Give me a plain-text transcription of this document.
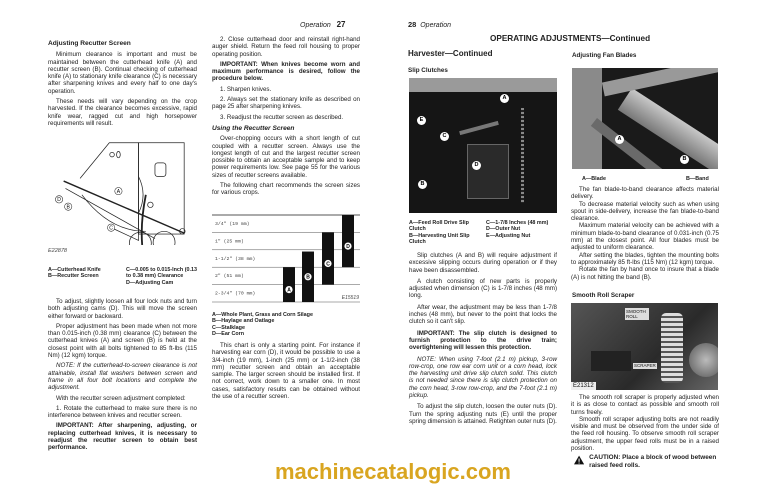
Operation 27
Adjusting Recutter Screen

Minimum clearance is important and must be maintained between the cutterhead knife (A) and recutter screen (B). Continual checking of cutterhead knife (A) to stationary knife clearance (C) is necessary after sharpening knives and every half to one day's operation.

These needs will vary depending on the crop harvested. If the clearance becomes excessive, rapid knife wear, ragged cut and high horsepower requirements will result.

A
B
D
C
E22878
A—Cutterhead Knife
B—Recutter Screen
C—0.005 to 0.015-Inch (0.13 to 0.38 mm) Clearance
D—Adjusting Cam

To adjust, slightly loosen all four lock nuts and turn both adjusting cams (D). This will move the screen either forward or backward.

Proper adjustment has been made when not more than 0.015-inch (0.38 mm) clearance (C) between the cutterhead knives (A) and screen (B) is held at the closest point with all bolts tightened to 85 ft-lbs (115 Nm) (12 kgm) torque.

NOTE: If the cutterhead-to-screen clearance is not attainable, install flat washers between screen and frame in all four bolt locations and complete the adjustment.

With the recutter screen adjustment completed:

1. Rotate the cutterhead to make sure there is no interference between knives and recutter screen.

IMPORTANT: After sharpening, adjusting, or replacing cutterhead knives, it is necessary to readjust the recutter screen to obtain best performance.

2. Close cutterhead door and reinstall right-hand auger shield. Return the feed roll housing to proper operating position.

IMPORTANT: When knives become worn and maximum performance is desired, follow the procedure below.

1. Sharpen knives.

2. Always set the stationary knife as described on page 25 after sharpening knives.

3. Readjust the recutter screen as described.

Using the Recutter Screen

Over-chopping occurs with a short length of cut coupled with a recutter screen. Always use the longest length of cut and the largest recutter screen possible to obtain an acceptable sample and to keep power requirements low. See page 55 for the various sizes of recutter screens available.

The following chart recommends the screen sizes for various crops.

3/4" (19 mm)
1" (25 mm)
1-1/2" (38 mm)
2" (51 mm)
2-3/4" (70 mm)
A
B
C
D
E15519
A—Whole Plant, Grass and Corn Silage
B—Haylage and Oatlage
C—Stalklage
D—Ear Corn

This chart is only a starting point. For instance if harvesting ear corn (D), it would be possible to use a 3/4-inch (19 mm), 1-inch (25 mm) or 1-1/2-inch (38 mm) recutter screen and obtain an acceptable sample. The larger screen should be installed first. If not correct, work down to a smaller one. In most cases, satisfactory results can be obtained without the use of a recutter screen.

28 Operation
OPERATING ADJUSTMENTS—Continued
Harvester—Continued
Slip Clutches
A
B
C
D
E
A—Feed Roll Drive Slip Clutch
B—Harvesting Unit Slip Clutch
C—1-7/8 Inches (48 mm)
D—Outer Nut
E—Adjusting Nut

Slip clutches (A and B) will require adjustment if excessive slipping occurs during operation or if they have been disassembled.

A clutch consisting of new parts is properly adjusted when dimension (C) is 1-7/8 inches (48 mm) long.

After wear, the adjustment may be less than 1-7/8 inches (48 mm), but never to the point that locks the clutch so it can't slip.

IMPORTANT: The slip clutch is designed to furnish protection to the drive train; overtightening will lessen this protection.

NOTE: When using 7-foot (2.1 m) pickup, 3-row row-crop, one row ear corn unit or a corn head, lock the harvesting unit drive slip clutch solid. This clutch is not needed since there is slip clutch protection on the corn head, 3-row row-crop, and the 7-foot (2.1 m) pickup.

To adjust the slip clutch, loosen the outer nuts (D). Turn the spring adjusting nuts (E) until the proper spring dimension is attained. Retighten outer nuts (D).

Adjusting Fan Blades
A
B
A—Blade	B—Band

The fan blade-to-band clearance affects material delivery.

To decrease material velocity such as when using spout in side-delivery, increase the fan blade-to-band clearance.

Maximum material velocity can be achieved with a minimum blade-to-band clearance of 0.031-inch (0.75 mm) at the closest point. All four blades must be adjusted to uniform clearance.

After setting the blades, tighten the mounting bolts to approximately 85 ft-lbs (115 Nm) (12 kgm) torque.

Rotate the fan by hand once to insure that a blade (A) is not hitting the band (B).

Smooth Roll Scraper
SMOOTH ROLL
SCRAPER
E21312

The smooth roll scraper is properly adjusted when it is as close to contact as possible and smooth roll turns freely.

Smooth roll scraper adjusting bolts are not readily visible and must be observed from the under side of the feed roll housing. To observe smooth roll scraper adjustment, the upper feed rolls must be in a raised position.

CAUTION: Place a block of wood between raised feed rolls.
machinecatalogic.com
